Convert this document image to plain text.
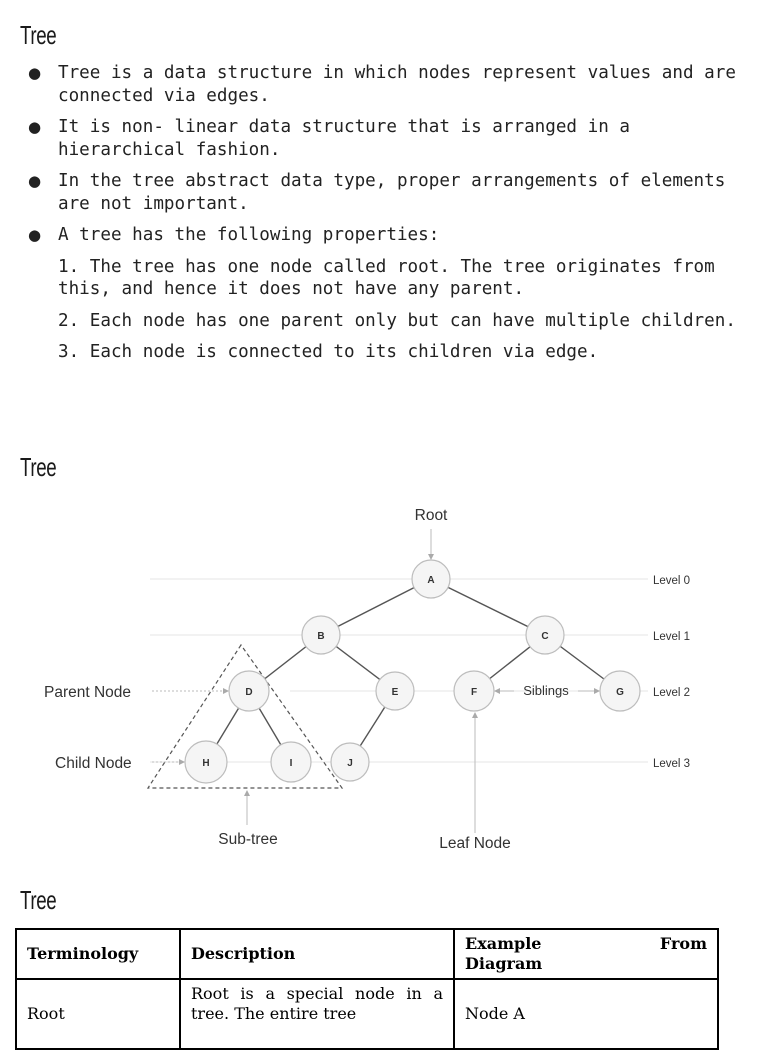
Tree
● Tree is a data structure in which nodes represent values and are connected via edges.
● It is non- linear data structure that is arranged in a hierarchical fashion.
● In the tree abstract data type, proper arrangements of elements are not important.
● A tree has the following properties:
1. The tree has one node called root. The tree originates from this, and hence it does not have any parent.
2. Each node has one parent only but can have multiple children.
3. Each node is connected to its children via edge.
Tree
A
B	C
D	E	F	G
H	I	J
Root
Parent Node
Child Node
Siblings
Sub-tree	Leaf Node
Level 0
Level 1
Level 2
Level 3
Tree
Terminology	Description	Example From
Diagram

Root	Root is a special node in a tree. The entire tree	Node A
